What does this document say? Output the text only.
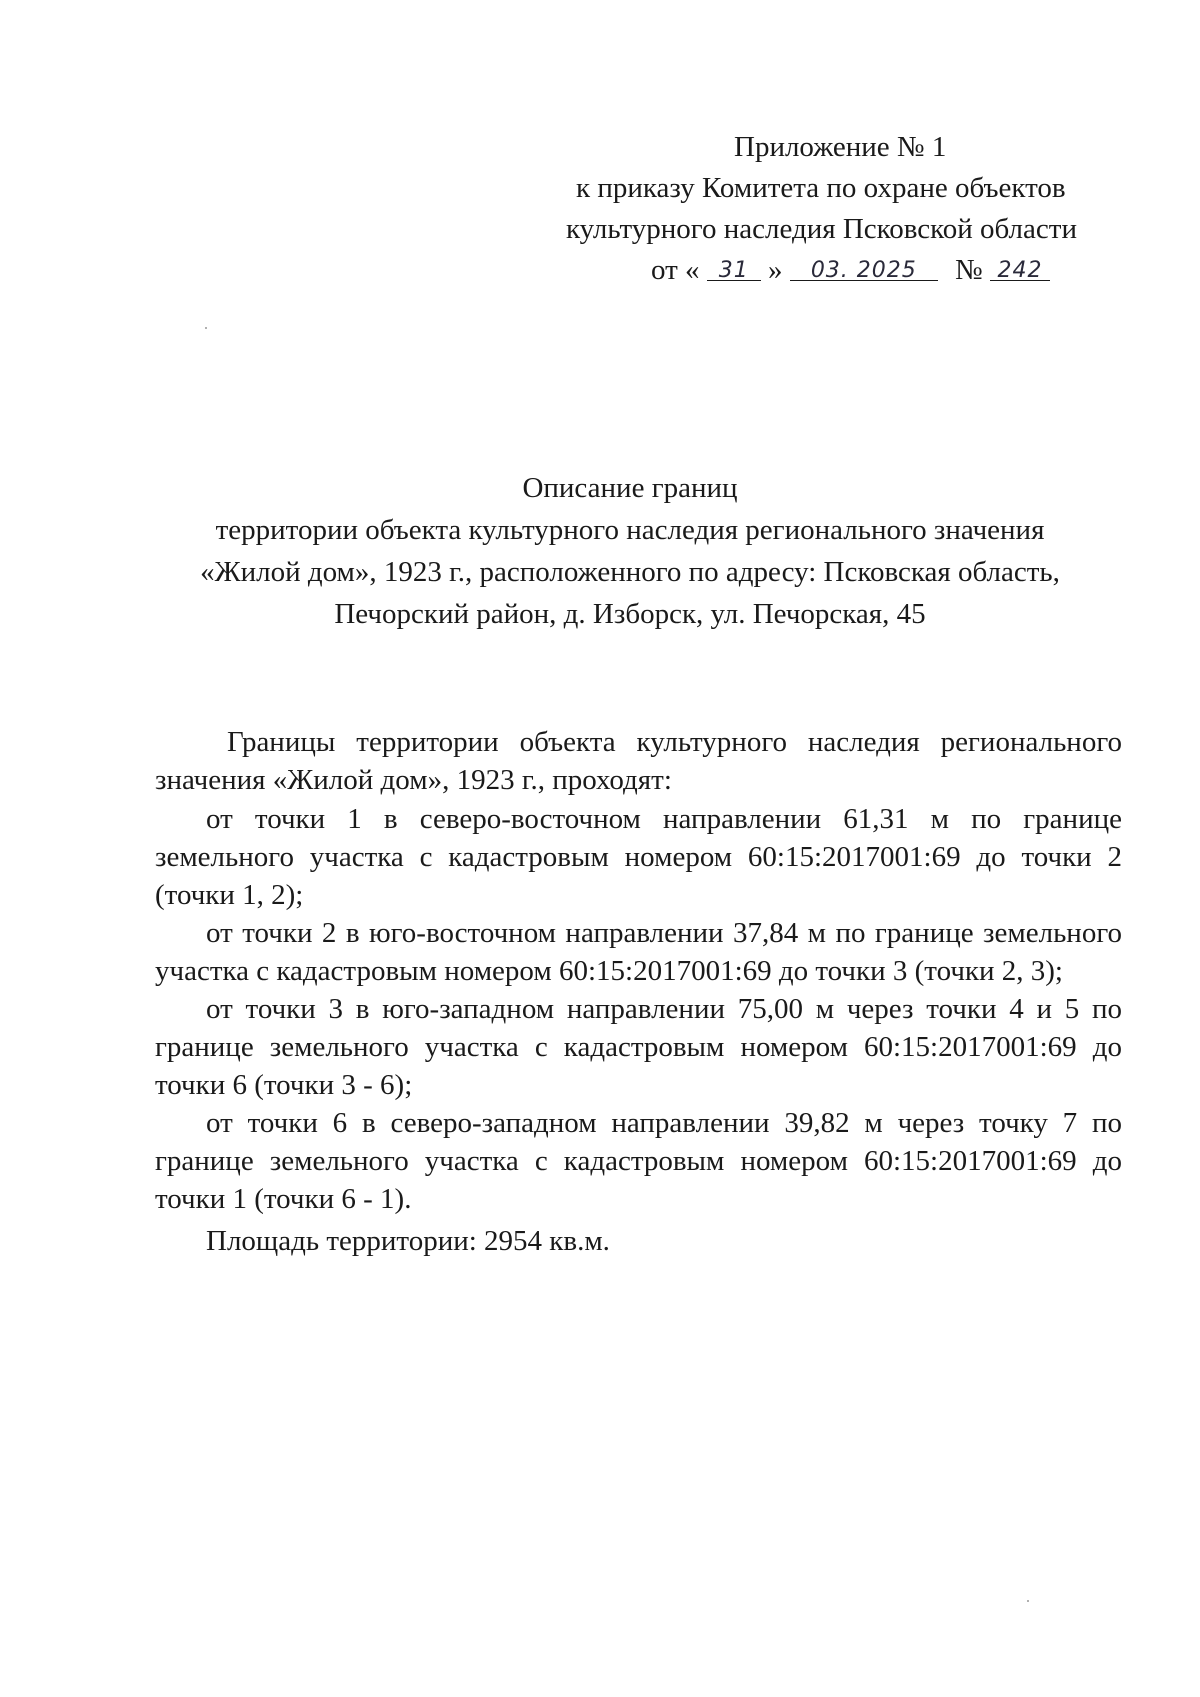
Приложение № 1
к приказу Комитета по охране объектов
культурного наследия Псковской области
от « 31 » 03. 2025 № 242
Описание границ
территории объекта культурного наследия регионального значения
«Жилой дом», 1923 г., расположенного по адресу: Псковская область,
Печорский район, д. Изборск, ул. Печорская, 45

Границы территории объекта культурного наследия регионального значения «Жилой дом», 1923 г., проходят:

от точки 1 в северо-восточном направлении 61,31 м по границе земельного участка с кадастровым номером 60:15:2017001:69 до точки 2 (точки 1, 2);

от точки 2 в юго-восточном направлении 37,84 м по границе земельного участка с кадастровым номером 60:15:2017001:69 до точки 3 (точки 2, 3);

от точки 3 в юго-западном направлении 75,00 м через точки 4 и 5 по границе земельного участка с кадастровым номером 60:15:2017001:69 до точки 6 (точки 3 - 6);

от точки 6 в северо-западном направлении 39,82 м через точку 7 по границе земельного участка с кадастровым номером 60:15:2017001:69 до точки 1 (точки 6 - 1).

Площадь территории: 2954 кв.м.
